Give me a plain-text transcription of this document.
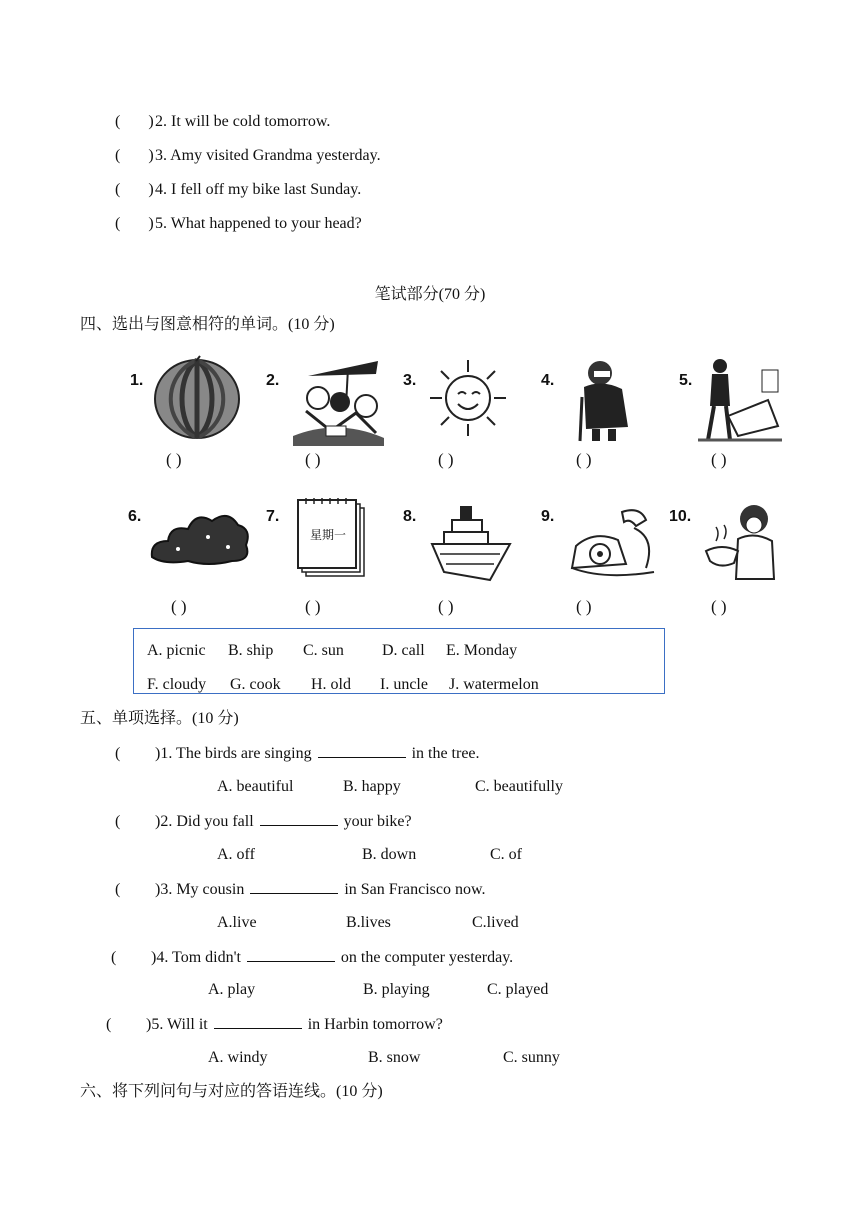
(       )2. It will be cold tomorrow.
(       )3. Amy visited Grandma yesterday.
(       )4. I fell off my bike last Sunday.
(       )5. What happened to your head?
笔试部分(70 分)
四、选出与图意相符的单词。(10 分)
1.	2.	3.	4.	5.
( )	( )	( )	( )	( )
6.	7.	8.	9.	10.
星期一
( )	( )	( )	( )	( )
A. picnic B. ship C. sun D. call E. Monday
F. cloudy G. cook H. old I. uncle J. watermelon
五、单项选择。(10 分)
( )1. The birds are singing	in the tree.
A. beautiful	B. happy	C. beautifully
( )2. Did you fall	your bike?
A. off	B. down	C. of
( )3. My cousin	in San Francisco now.
A.live	B.lives	C.lived
( )4. Tom didn't	on the computer yesterday.
A. play	B. playing	C. played
( )5. Will it	in Harbin tomorrow?
A. windy	B. snow	C. sunny
六、将下列问句与对应的答语连线。(10 分)
